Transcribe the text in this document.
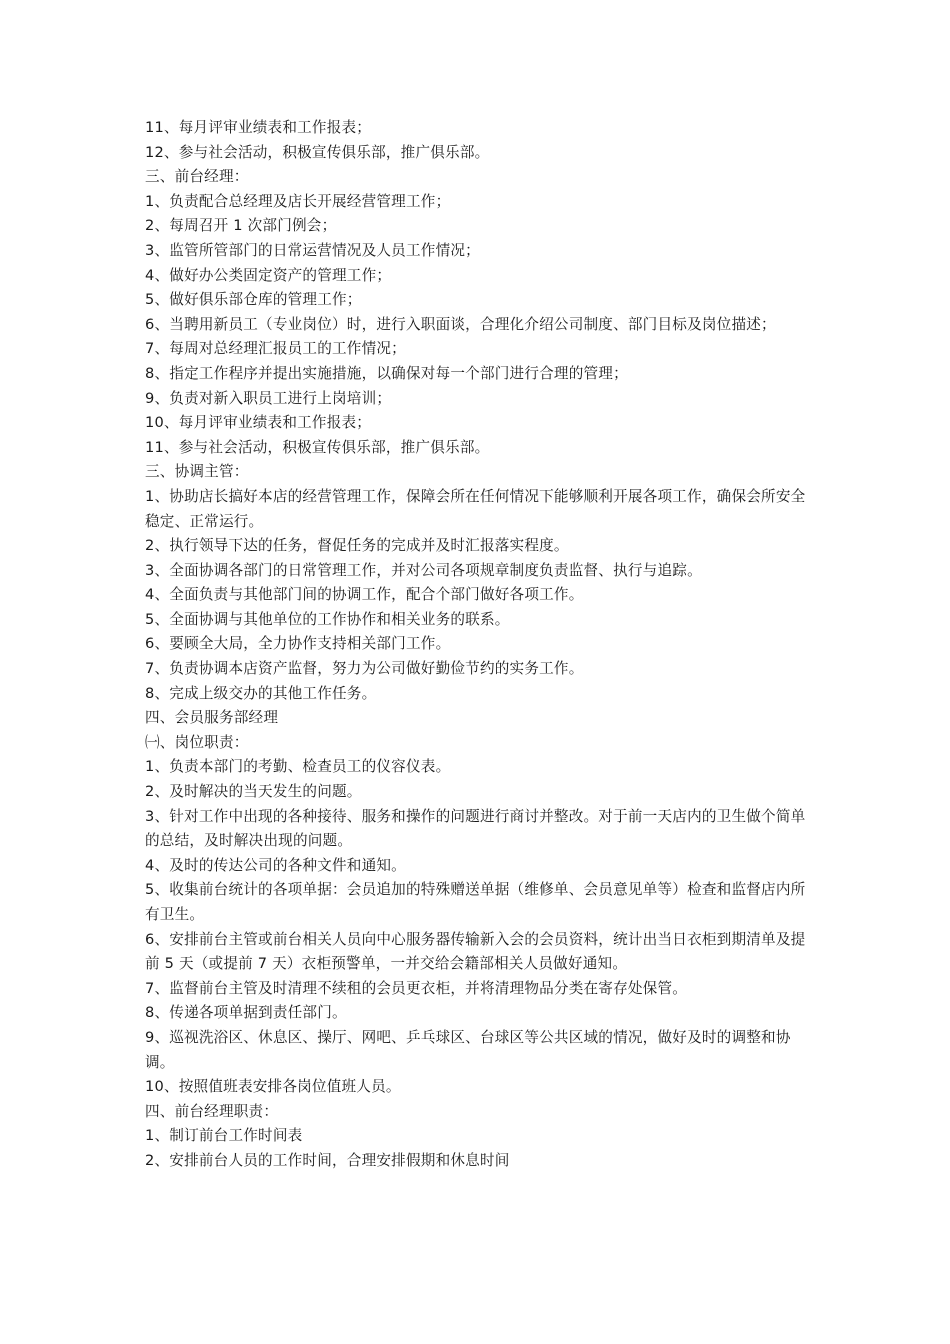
11、每月评审业绩表和工作报表；

12、参与社会活动，积极宣传俱乐部，推广俱乐部。

三、前台经理：

1、负责配合总经理及店长开展经营管理工作；

2、每周召开 1 次部门例会；

3、监管所管部门的日常运营情况及人员工作情况；

4、做好办公类固定资产的管理工作；

5、做好俱乐部仓库的管理工作；

6、当聘用新员工（专业岗位）时，进行入职面谈，合理化介绍公司制度、部门目标及岗位描述；

7、每周对总经理汇报员工的工作情况；

8、指定工作程序并提出实施措施，以确保对每一个部门进行合理的管理；

9、负责对新入职员工进行上岗培训；

10、每月评审业绩表和工作报表；

11、参与社会活动，积极宣传俱乐部，推广俱乐部。

三、协调主管：

1、协助店长搞好本店的经营管理工作，保障会所在任何情况下能够顺利开展各项工作，确保会所安全稳定、正常运行。

2、执行领导下达的任务，督促任务的完成并及时汇报落实程度。

3、全面协调各部门的日常管理工作，并对公司各项规章制度负责监督、执行与追踪。

4、全面负责与其他部门间的协调工作，配合个部门做好各项工作。

5、全面协调与其他单位的工作协作和相关业务的联系。

6、要顾全大局，全力协作支持相关部门工作。

7、负责协调本店资产监督，努力为公司做好勤俭节约的实务工作。

8、完成上级交办的其他工作任务。

四、会员服务部经理

㈠、岗位职责：

1、负责本部门的考勤、检查员工的仪容仪表。

2、及时解决的当天发生的问题。

3、针对工作中出现的各种接待、服务和操作的问题进行商讨并整改。对于前一天店内的卫生做个简单的总结，及时解决出现的问题。

4、及时的传达公司的各种文件和通知。

5、收集前台统计的各项单据：会员追加的特殊赠送单据（维修单、会员意见单等）检查和监督店内所有卫生。

6、安排前台主管或前台相关人员向中心服务器传输新入会的会员资料，统计出当日衣柜到期清单及提前 5 天（或提前 7 天）衣柜预警单，一并交给会籍部相关人员做好通知。

7、监督前台主管及时清理不续租的会员更衣柜，并将清理物品分类在寄存处保管。

8、传递各项单据到责任部门。

9、巡视洗浴区、休息区、操厅、网吧、乒乓球区、台球区等公共区域的情况，做好及时的调整和协调。

10、按照值班表安排各岗位值班人员。

四、前台经理职责：

1、制订前台工作时间表

2、安排前台人员的工作时间，合理安排假期和休息时间
